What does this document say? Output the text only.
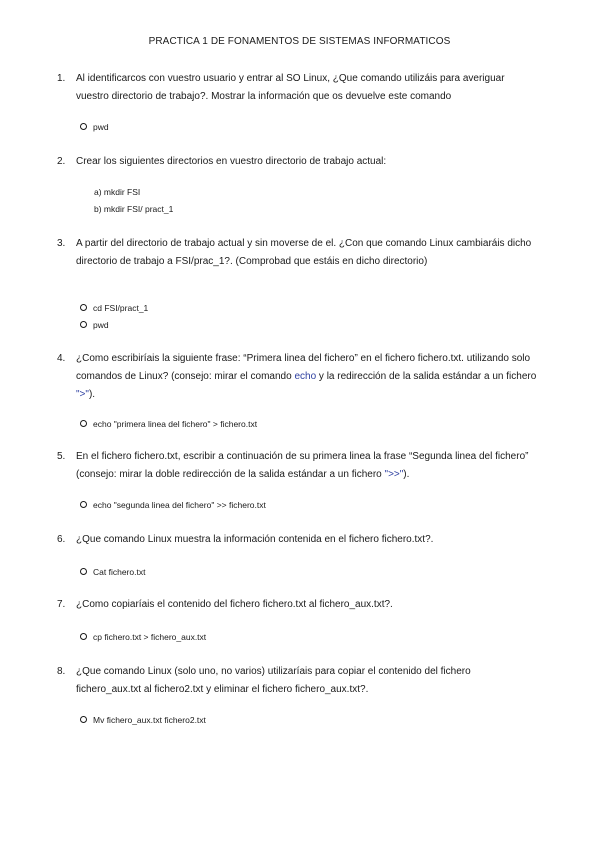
PRACTICA 1 DE FONAMENTOS DE SISTEMAS INFORMATICOS
1. Al identificarcos con vuestro usuario y entrar al SO Linux, ¿Que comando utilizáis para averiguar vuestro directorio de trabajo?. Mostrar la información que os devuelve este comando
pwd
2. Crear los siguientes directorios en vuestro directorio de trabajo actual:
a) mkdir FSI
b) mkdir FSI/ pract_1
3. A partir del directorio de trabajo actual y sin moverse de el. ¿Con que comando Linux cambiaráis dicho directorio de trabajo a FSI/prac_1?. (Comprobad que estáis en dicho directorio)
cd FSI/pract_1
pwd
4. ¿Como escribiríais la siguiente frase: “Primera linea del fichero” en el fichero fichero.txt. utilizando solo comandos de Linux? (consejo: mirar el comando echo y la redirección de la salida estándar a un fichero ">").
echo "primera linea del fichero" > fichero.txt
5. En el fichero fichero.txt, escribir a continuación de su primera linea la frase “Segunda linea del fichero” (consejo: mirar la doble redirección de la salida estándar a un fichero ">>").
echo "segunda linea del fichero" >> fichero.txt
6. ¿Que comando Linux muestra la información contenida en el fichero fichero.txt?.
Cat fichero.txt
7. ¿Como copiaríais el contenido del fichero fichero.txt al fichero_aux.txt?.
cp fichero.txt > fichero_aux.txt
8. ¿Que comando Linux (solo uno, no varios) utilizaríais para copiar el contenido del fichero fichero_aux.txt al fichero2.txt y eliminar el fichero fichero_aux.txt?.
Mv fichero_aux.txt fichero2.txt
